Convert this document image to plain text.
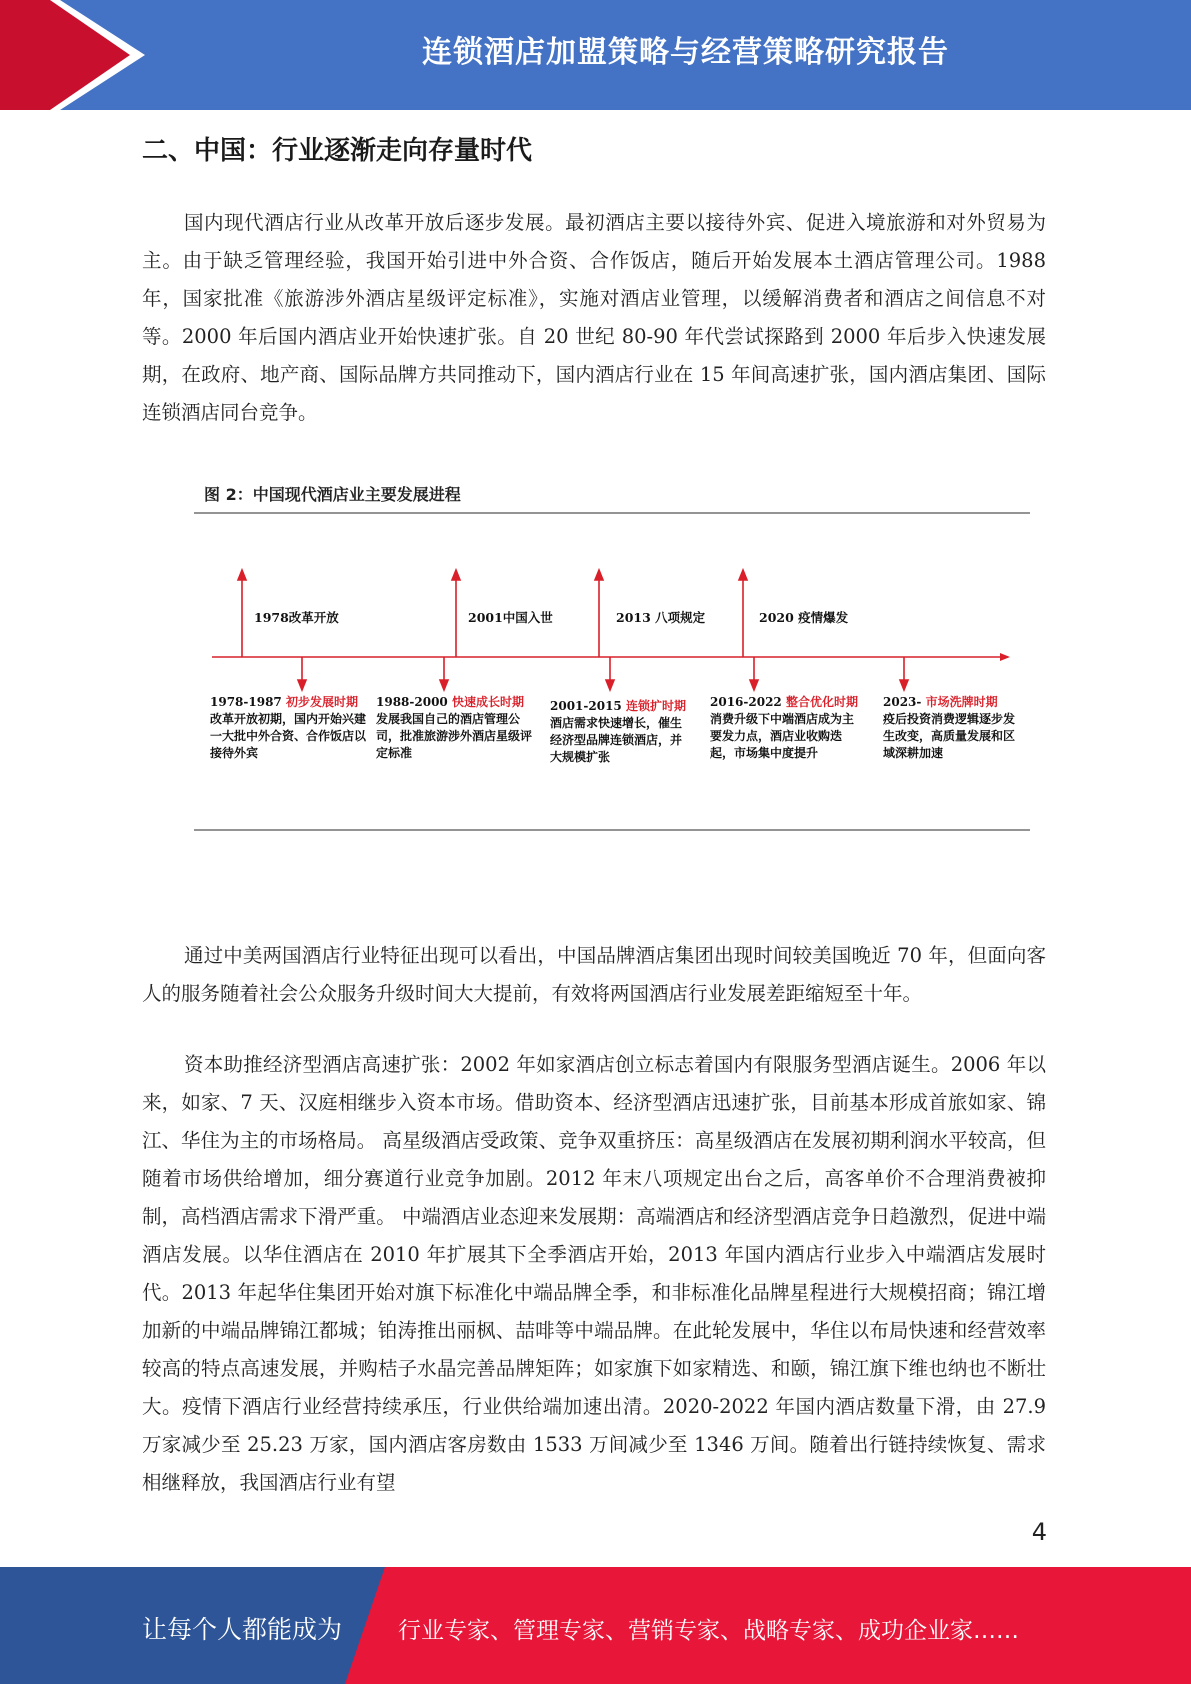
连锁酒店加盟策略与经营策略研究报告
二、中国：行业逐渐走向存量时代

国内现代酒店行业从改革开放后逐步发展。最初酒店主要以接待外宾、促进入境旅游和对外贸易为主。由于缺乏管理经验，我国开始引进中外合资、合作饭店，随后开始发展本土酒店管理公司。1988 年，国家批准《旅游涉外酒店星级评定标准》，实施对酒店业管理，以缓解消费者和酒店之间信息不对等。2000 年后国内酒店业开始快速扩张。自 20 世纪 80-90 年代尝试探路到 2000 年后步入快速发展期，在政府、地产商、国际品牌方共同推动下，国内酒店行业在 15 年间高速扩张，国内酒店集团、国际连锁酒店同台竞争。

图 2：中国现代酒店业主要发展进程
1978改革开放	2001中国入世	2013 八项规定	2020 疫情爆发
1978-1987 初步发展时期
改革开放初期，国内开始兴建一大批中外合资、合作饭店以接待外宾
1988-2000 快速成长时期
发展我国自己的酒店管理公司，批准旅游涉外酒店星级评定标准
2001-2015 连锁扩时期
酒店需求快速增长，催生经济型品牌连锁酒店，并大规模扩张
2016-2022 整合优化时期
消费升级下中端酒店成为主要发力点，酒店业收购迭起，市场集中度提升
2023- 市场洗牌时期
疫后投资消费逻辑逐步发生改变，高质量发展和区域深耕加速

通过中美两国酒店行业特征出现可以看出，中国品牌酒店集团出现时间较美国晚近 70 年，但面向客人的服务随着社会公众服务升级时间大大提前，有效将两国酒店行业发展差距缩短至十年。

资本助推经济型酒店高速扩张：2002 年如家酒店创立标志着国内有限服务型酒店诞生。2006 年以来，如家、7 天、汉庭相继步入资本市场。借助资本、经济型酒店迅速扩张，目前基本形成首旅如家、锦江、华住为主的市场格局。 高星级酒店受政策、竞争双重挤压：高星级酒店在发展初期利润水平较高，但随着市场供给增加，细分赛道行业竞争加剧。2012 年末八项规定出台之后，高客单价不合理消费被抑制，高档酒店需求下滑严重。 中端酒店业态迎来发展期：高端酒店和经济型酒店竞争日趋激烈，促进中端酒店发展。以华住酒店在 2010 年扩展其下全季酒店开始，2013 年国内酒店行业步入中端酒店发展时代。2013 年起华住集团开始对旗下标准化中端品牌全季，和非标准化品牌星程进行大规模招商；锦江增加新的中端品牌锦江都城；铂涛推出丽枫、喆啡等中端品牌。在此轮发展中，华住以布局快速和经营效率较高的特点高速发展，并购桔子水晶完善品牌矩阵；如家旗下如家精选、和颐，锦江旗下维也纳也不断壮大。疫情下酒店行业经营持续承压，行业供给端加速出清。2020-2022 年国内酒店数量下滑，由 27.9 万家减少至 25.23 万家，国内酒店客房数由 1533 万间减少至 1346 万间。随着出行链持续恢复、需求相继释放，我国酒店行业有望

4
让每个人都能成为 行业专家、管理专家、营销专家、战略专家、成功企业家……
